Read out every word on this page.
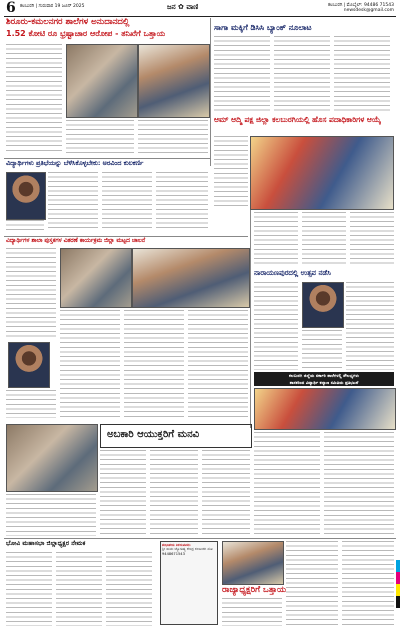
6 ಕಲಬುರಗಿ | ಗುರುವಾರ 19 ಜೂನ್ 2025	ಜನ ✿ ವಾಣಿ	ಕಲಬುರಗಿ | ಮೊಬೈಲ್: 94486 71543
newsdesk@gmail.com
ಶಿರೂರು-ಕಮಲನಗರ ಶಾಲೆಗಳ ಅನುದಾನದಲ್ಲಿ
1.52 ಕೋಟಿ ರೂ ಭ್ರಷ್ಟಾಚಾರ ಆರೋಪ - ತನಿಖೆಗೆ ಒತ್ತಾಯ
ಸಾಗಾ ಮಕ್ಕಿಗೆ ಡಿಸಿಸಿ ಬ್ಯಾಂಕ್ ನೂಲಾಟ
ಆಮ್ ಆದ್ಮಿ ಪಕ್ಷ ಜಿಲ್ಲಾ ಕಲಬುರಗಿಯಲ್ಲಿ ಹೊಸ ಪದಾಧಿಕಾರಿಗಳ ಆಯ್ಕೆ
ವಿದ್ಯಾರ್ಥಿಗಳು ಪ್ರತಿಭೆಯನ್ನು ಬೆಳೆಸಿಕೊಳ್ಳಬೇಕು: ಅರವಿಂದ ಕುಲಕರ್ಣಿ
ವಿದ್ಯಾರ್ಥಿಗಳ ಶಾಲಾ ಪುಸ್ತಕಗಳ ವಿತರಣೆ ಕಾರ್ಯಕ್ರಮ ಜಿಲ್ಲಾ ಮಟ್ಟದ ಚಾಲನೆ
ನಾರಾಯಣಪುರದಲ್ಲಿ ಉತ್ಸವ ನಡೆಸಿ
ಕಲಬುರಗಿ ಜಿಲ್ಲೆಯ ಸರ್ಕಾರಿ ಶಾಲೆಗಳಲ್ಲಿ ಸೌಲಭ್ಯಗಳು
ಶಾಸಕರಿಂದ ವಿದ್ಯಾರ್ಥಿ ಕಲ್ಯಾಣ ಸಮಿತಿಯ ಪ್ರತಿಭಟನೆ
ಅಬಕಾರಿ ಆಯುಕ್ತರಿಗೆ ಮನವಿ
ಭೋವಿ ಮಹಾಸಭಾ ಜಿಲ್ಲಾಧ್ಯಕ್ಷರ ನೇಮಕ	ಶುಭಾಶಯ ತಿಳಿಸುವವರು
ಶ್ರೀ ಸಾಯಿ ಜ್ಯೋತಿಷ್ಯ ಕೇಂದ್ರ ಕಲಬುರಗಿ ಮೊ: 9448671543
ರಾಜ್ಯಾಧ್ಯಕ್ಷರಿಗೆ ಒತ್ತಾಯ
